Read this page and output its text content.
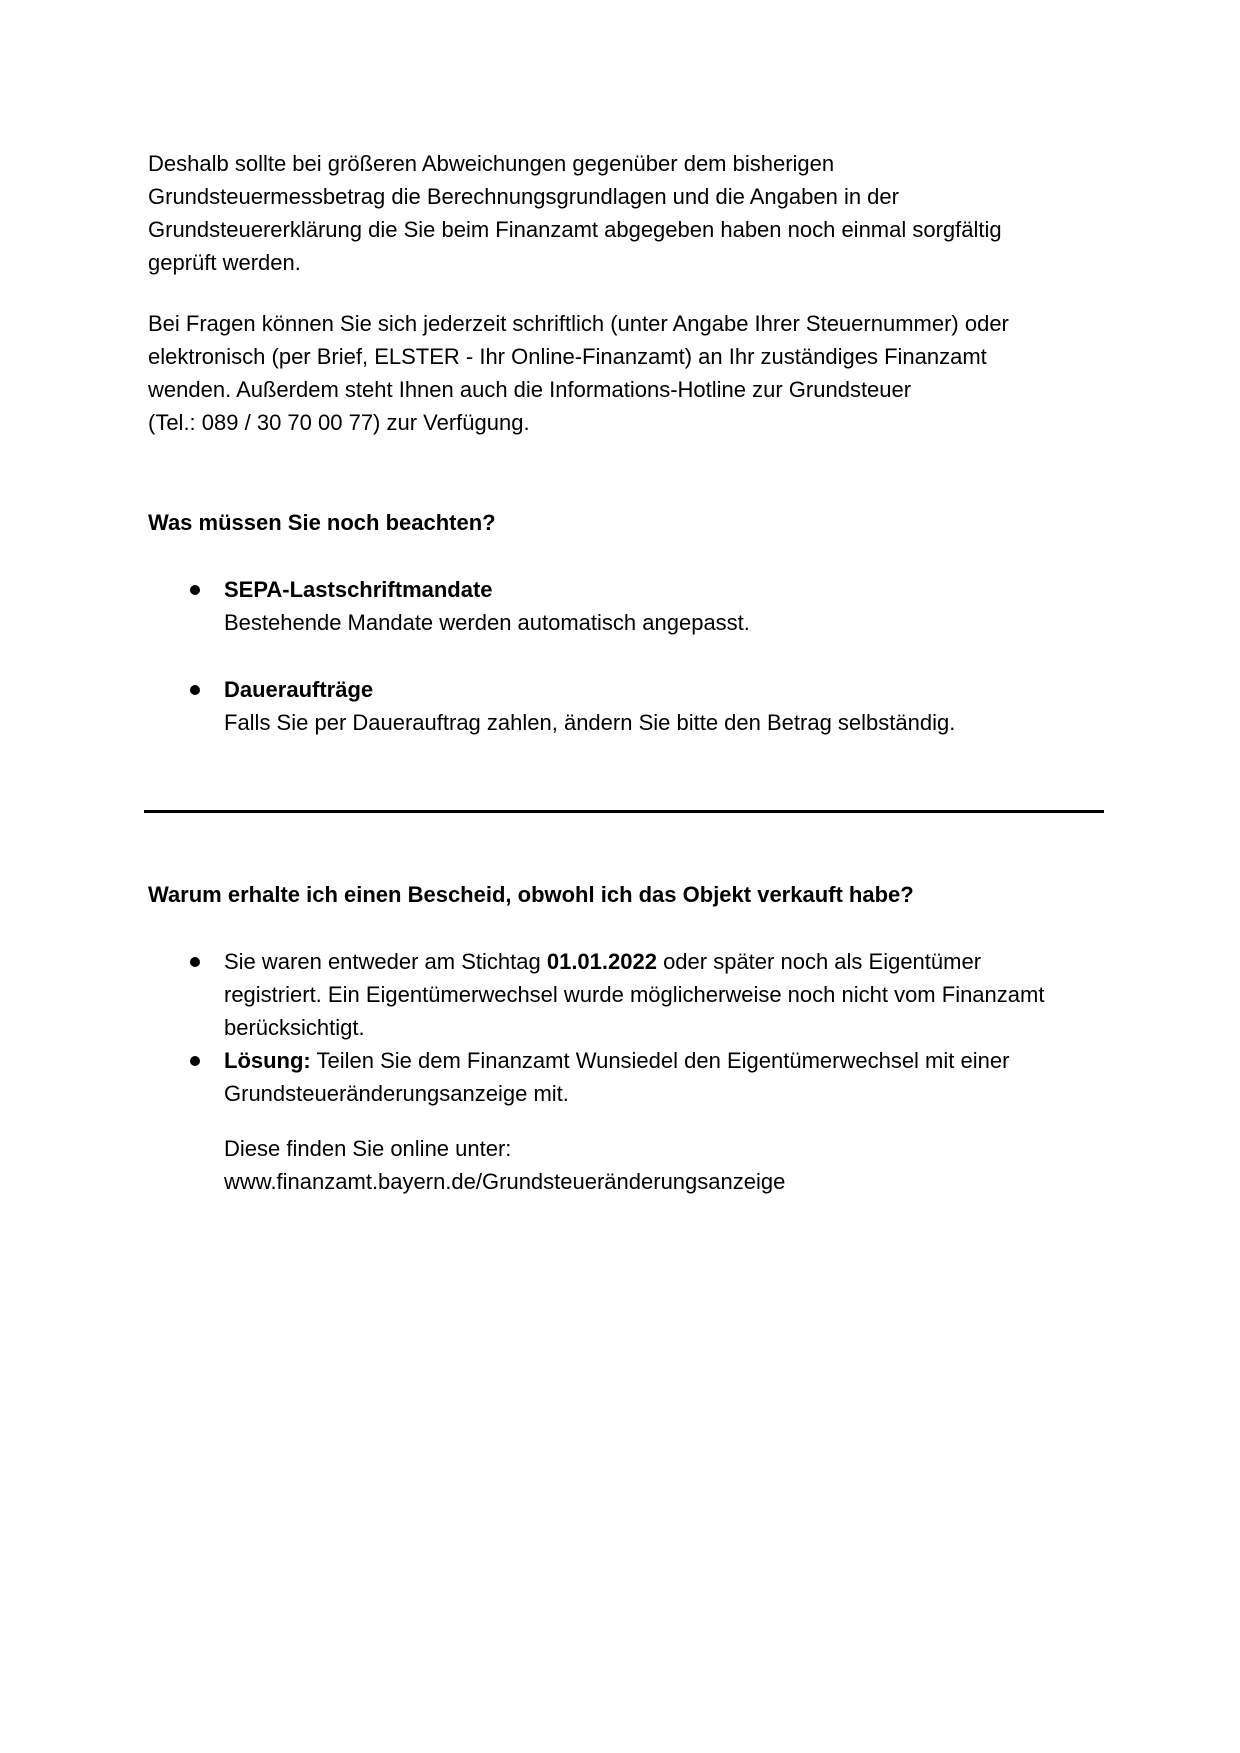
Deshalb sollte bei größeren Abweichungen gegenüber dem bisherigen
Grundsteuermessbetrag die Berechnungsgrundlagen und die Angaben in der
Grundsteuererklärung die Sie beim Finanzamt abgegeben haben noch einmal sorgfältig
geprüft werden.
Bei Fragen können Sie sich jederzeit schriftlich (unter Angabe Ihrer Steuernummer) oder
elektronisch (per Brief, ELSTER - Ihr Online-Finanzamt) an Ihr zuständiges Finanzamt
wenden. Außerdem steht Ihnen auch die Informations-Hotline zur Grundsteuer
(Tel.: 089 / 30 70 00 77) zur Verfügung.
Was müssen Sie noch beachten?
SEPA-Lastschriftmandate
Bestehende Mandate werden automatisch angepasst.
Daueraufträge
Falls Sie per Dauerauftrag zahlen, ändern Sie bitte den Betrag selbständig.
Warum erhalte ich einen Bescheid, obwohl ich das Objekt verkauft habe?
Sie waren entweder am Stichtag 01.01.2022 oder später noch als Eigentümer
registriert. Ein Eigentümerwechsel wurde möglicherweise noch nicht vom Finanzamt
berücksichtigt.
Lösung: Teilen Sie dem Finanzamt Wunsiedel den Eigentümerwechsel mit einer
Grundsteueränderungsanzeige mit.
Diese finden Sie online unter:
www.finanzamt.bayern.de/Grundsteueränderungsanzeige
